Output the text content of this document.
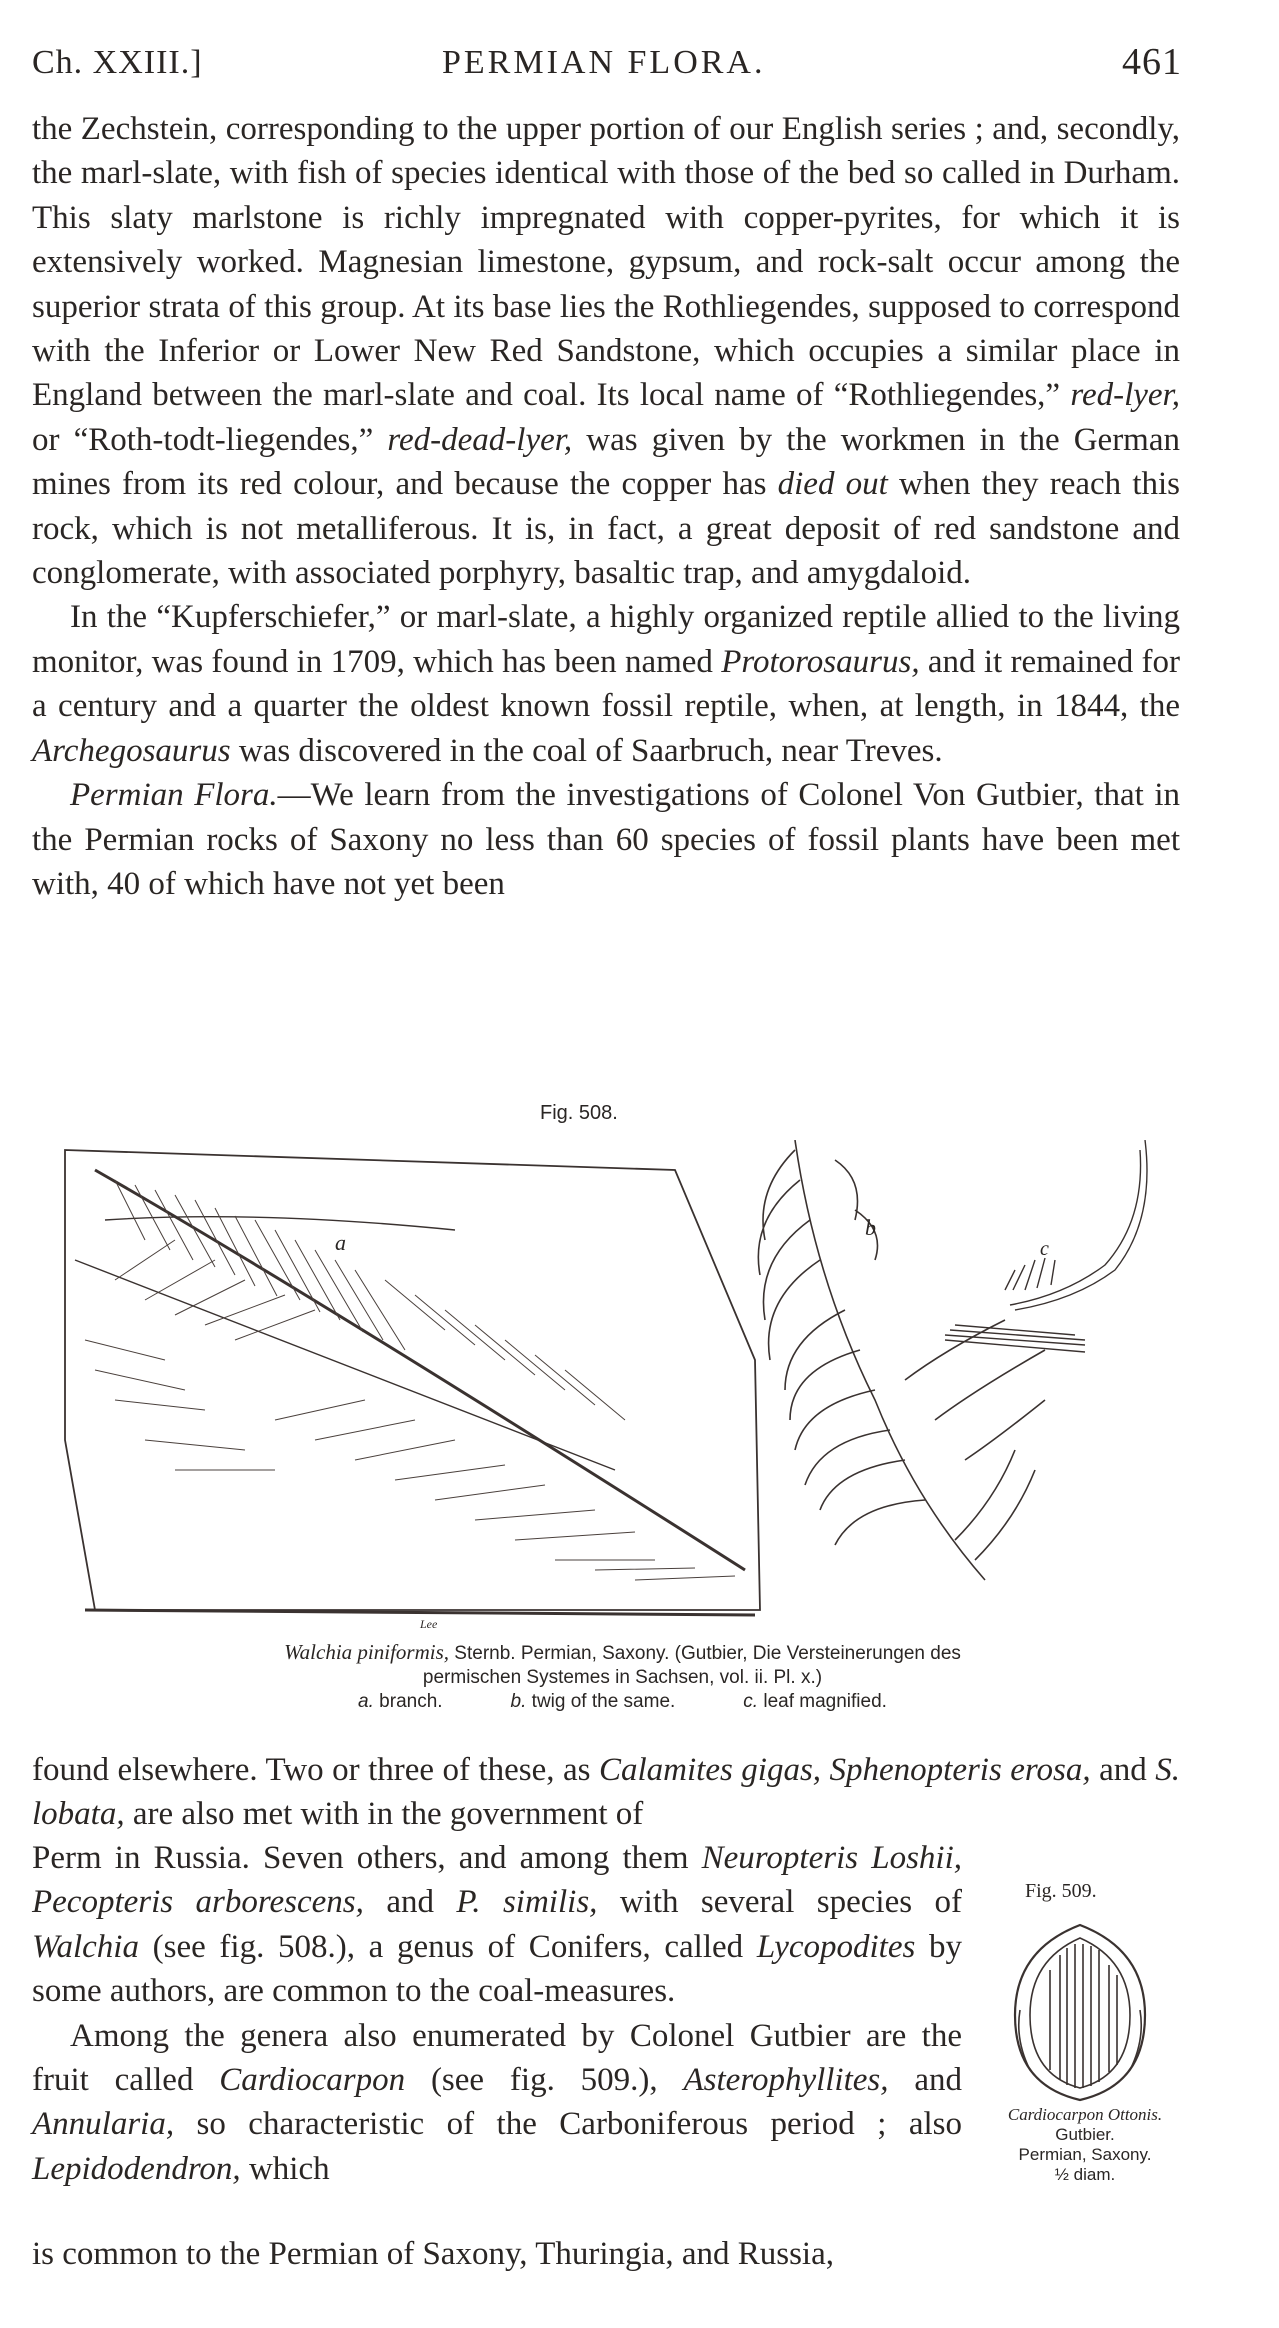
Ch. XXIII.]	PERMIAN FLORA.	461

the Zechstein, corresponding to the upper portion of our English series ; and, secondly, the marl-slate, with fish of species identical with those of the bed so called in Durham. This slaty marlstone is richly impregnated with copper-pyrites, for which it is extensively worked. Magnesian limestone, gypsum, and rock-salt occur among the superior strata of this group. At its base lies the Rothliegendes, supposed to correspond with the Inferior or Lower New Red Sandstone, which occupies a similar place in England between the marl-slate and coal. Its local name of “Rothliegendes,” red-lyer, or “Roth-todt-liegendes,” red-dead-lyer, was given by the workmen in the German mines from its red colour, and because the copper has died out when they reach this rock, which is not metalliferous. It is, in fact, a great deposit of red sandstone and conglomerate, with associated porphyry, basaltic trap, and amygdaloid.

In the “Kupferschiefer,” or marl-slate, a highly organized reptile allied to the living monitor, was found in 1709, which has been named Protorosaurus, and it remained for a century and a quarter the oldest known fossil reptile, when, at length, in 1844, the Archegosaurus was discovered in the coal of Saarbruch, near Treves.

Permian Flora.—We learn from the investigations of Colonel Von Gutbier, that in the Permian rocks of Saxony no less than 60 species of fossil plants have been met with, 40 of which have not yet been

Fig. 508.
a
Lee
b
c
Walchia piniformis, Sternb. Permian, Saxony. (Gutbier, Die Versteinerungen des
permischen Systemes in Sachsen, vol. ii. Pl. x.)
a. branch.	b. twig of the same.	c. leaf magnified.

found elsewhere. Two or three of these, as Calamites gigas, Sphenopteris erosa, and S. lobata, are also met with in the government of

Perm in Russia. Seven others, and among them Neuropteris Loshii, Pecopteris arborescens, and P. similis, with several species of Walchia (see fig. 508.), a genus of Conifers, called Lycopodites by some authors, are common to the coal-measures.

Among the genera also enumerated by Colonel Gutbier are the fruit called Cardiocarpon (see fig. 509.), Asterophyllites, and Annularia, so characteristic of the Carboniferous period ; also Lepidodendron, which

is common to the Permian of Saxony, Thuringia, and Russia,
Fig. 509.
Cardiocarpon Ottonis. Gutbier.
Permian, Saxony.
½ diam.
